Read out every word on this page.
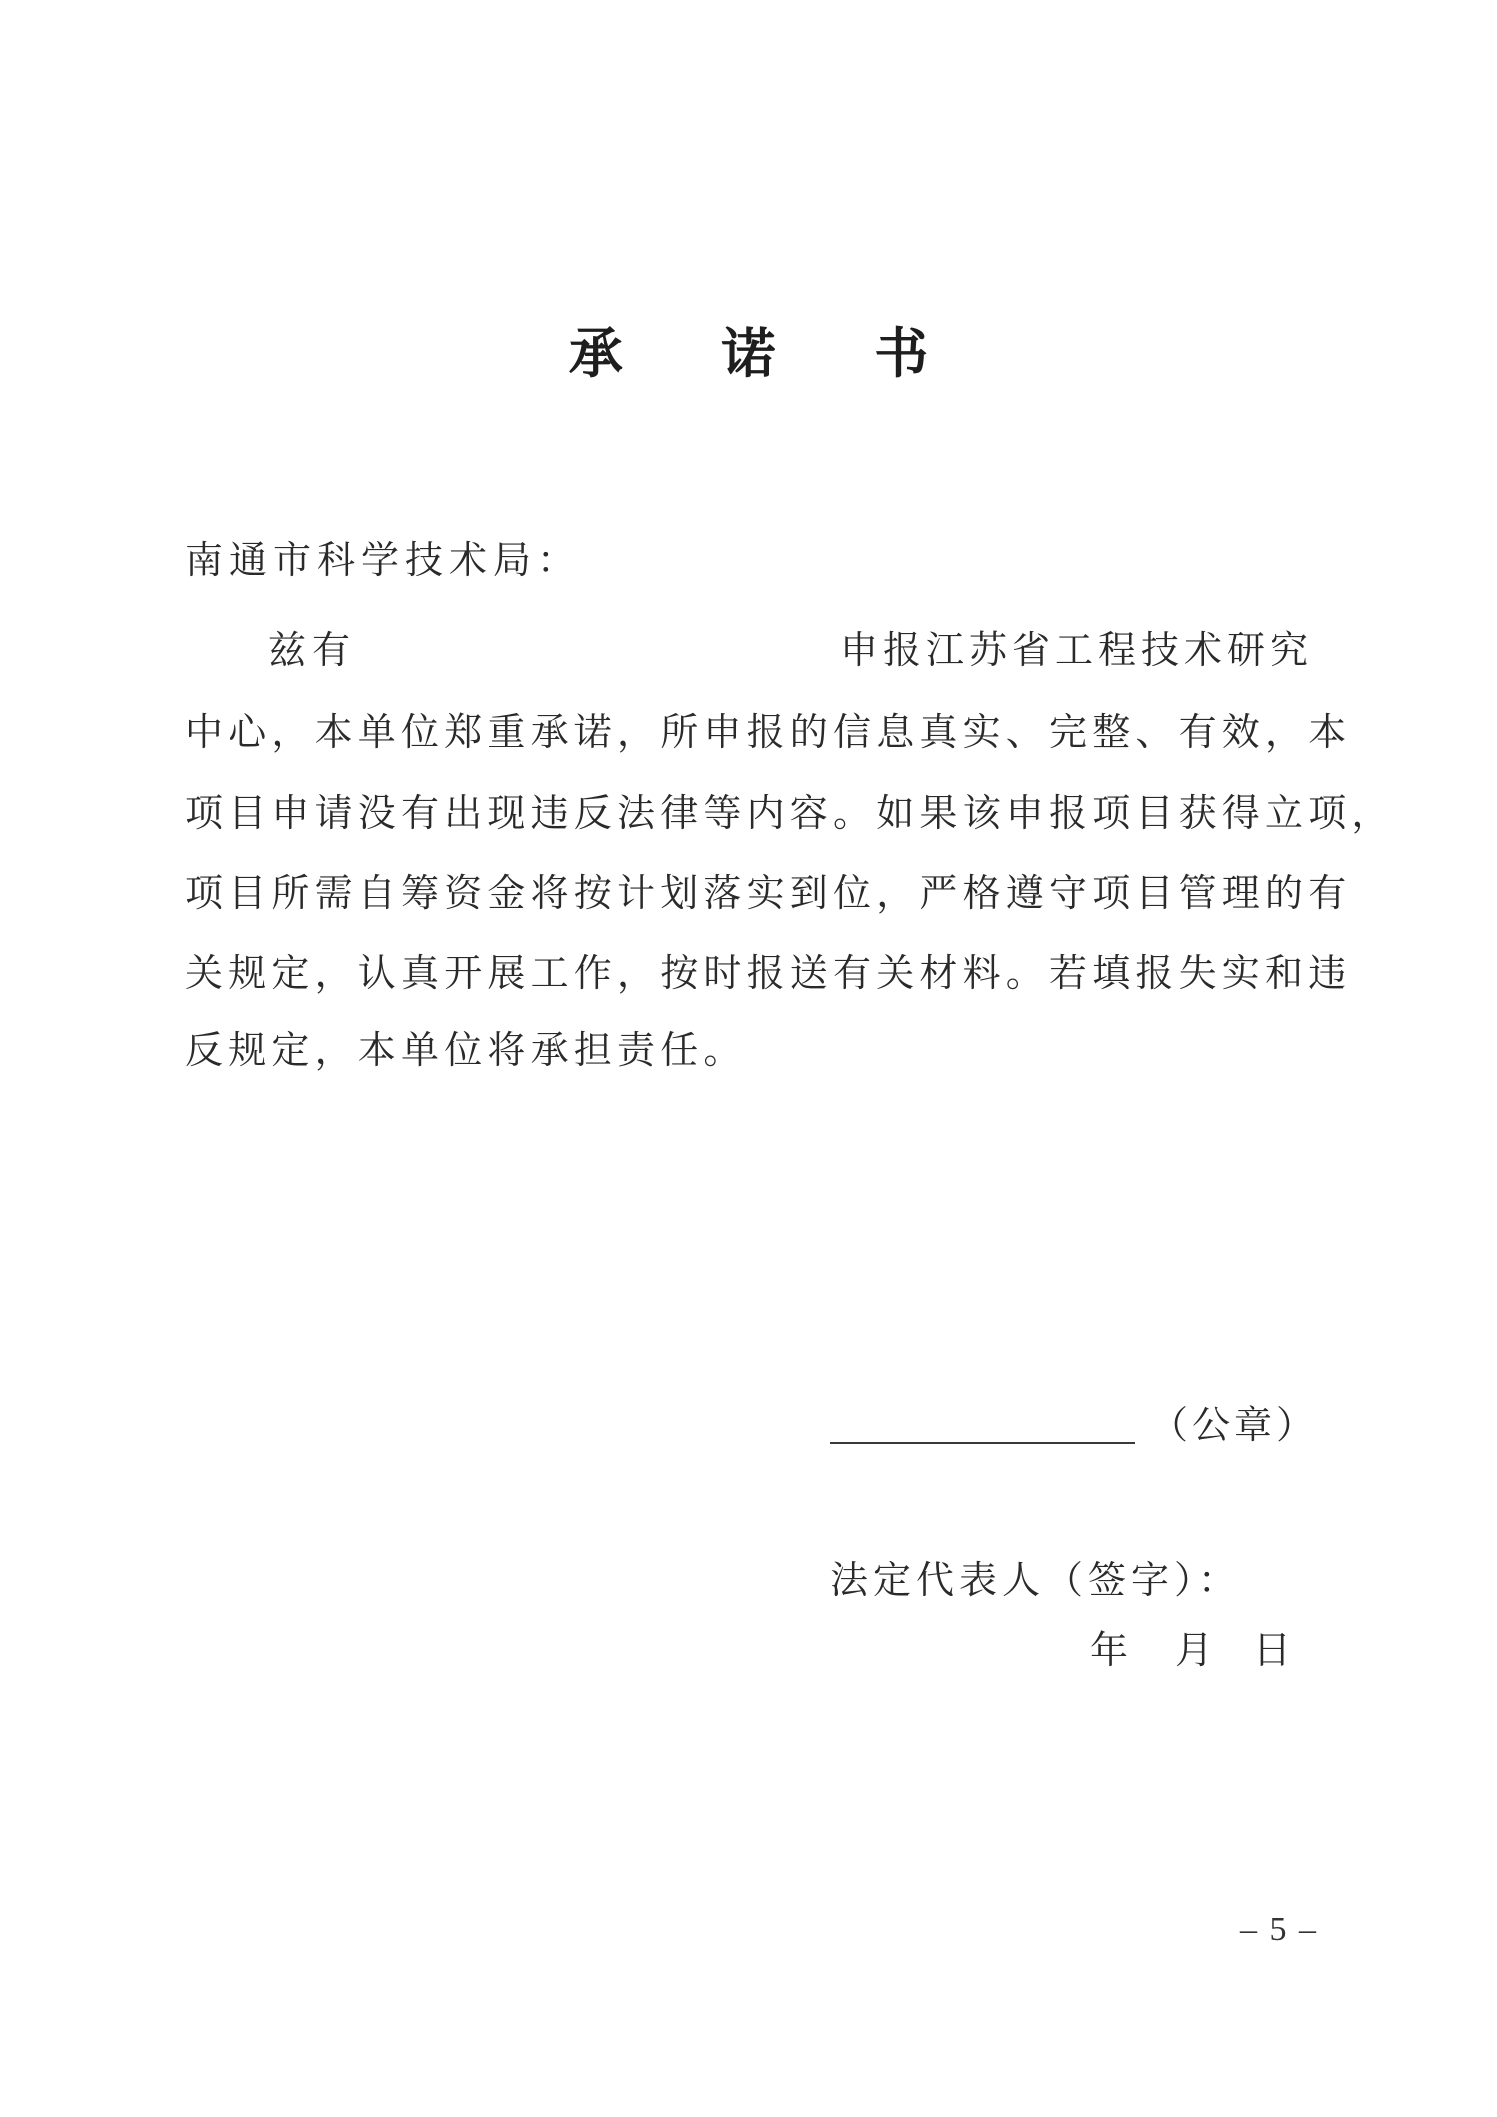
承 诺 书
南通市科学技术局：
兹有	申报江苏省工程技术研究
中心，本单位郑重承诺，所申报的信息真实、完整、有效，本
项目申请没有出现违反法律等内容。如果该申报项目获得立项，
项目所需自筹资金将按计划落实到位，严格遵守项目管理的有
关规定，认真开展工作，按时报送有关材料。若填报失实和违
反规定，本单位将承担责任。
（公章）
法定代表人（签字）：
年 月 日
– 5 –
